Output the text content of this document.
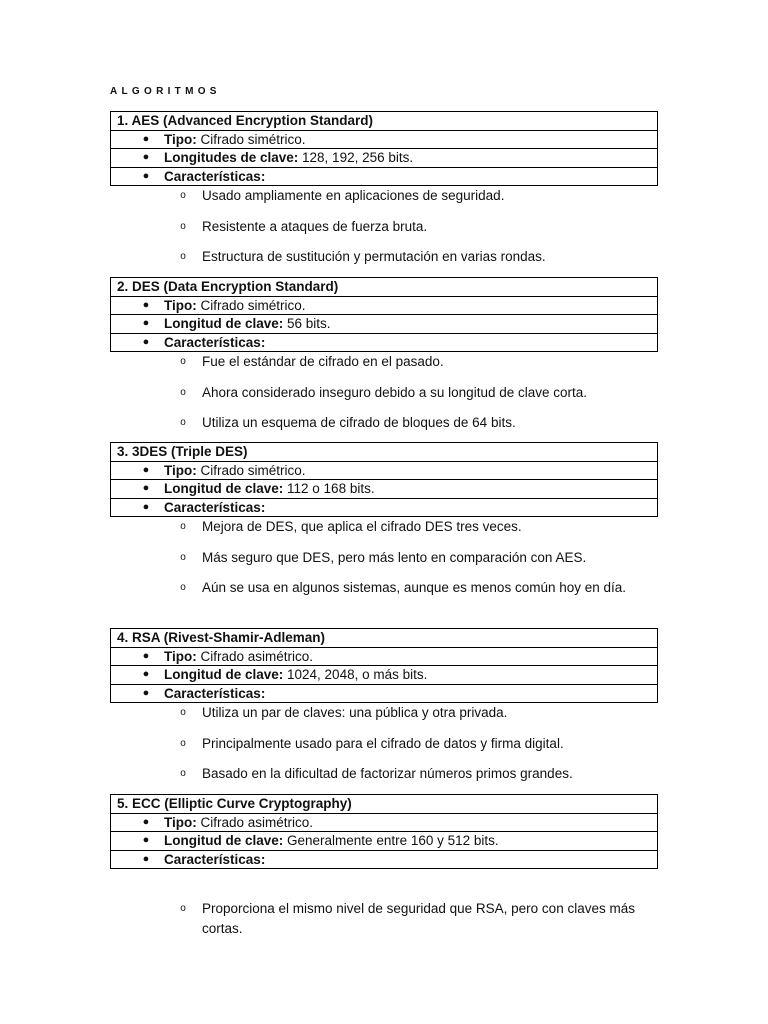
ALGORITMOS
1. AES (Advanced Encryption Standard)
● Tipo: Cifrado simétrico.
● Longitudes de clave: 128, 192, 256 bits.
● Características:
o Usado ampliamente en aplicaciones de seguridad.
o Resistente a ataques de fuerza bruta.
o Estructura de sustitución y permutación en varias rondas.
2. DES (Data Encryption Standard)
● Tipo: Cifrado simétrico.
● Longitud de clave: 56 bits.
● Características:
o Fue el estándar de cifrado en el pasado.
o Ahora considerado inseguro debido a su longitud de clave corta.
o Utiliza un esquema de cifrado de bloques de 64 bits.
3. 3DES (Triple DES)
● Tipo: Cifrado simétrico.
● Longitud de clave: 112 o 168 bits.
● Características:
o Mejora de DES, que aplica el cifrado DES tres veces.
o Más seguro que DES, pero más lento en comparación con AES.
o Aún se usa en algunos sistemas, aunque es menos común hoy en día.
4. RSA (Rivest-Shamir-Adleman)
● Tipo: Cifrado asimétrico.
● Longitud de clave: 1024, 2048, o más bits.
● Características:
o Utiliza un par de claves: una pública y otra privada.
o Principalmente usado para el cifrado de datos y firma digital.
o Basado en la dificultad de factorizar números primos grandes.
5. ECC (Elliptic Curve Cryptography)
● Tipo: Cifrado asimétrico.
● Longitud de clave: Generalmente entre 160 y 512 bits.
● Características:
o Proporciona el mismo nivel de seguridad que RSA, pero con claves más cortas.
